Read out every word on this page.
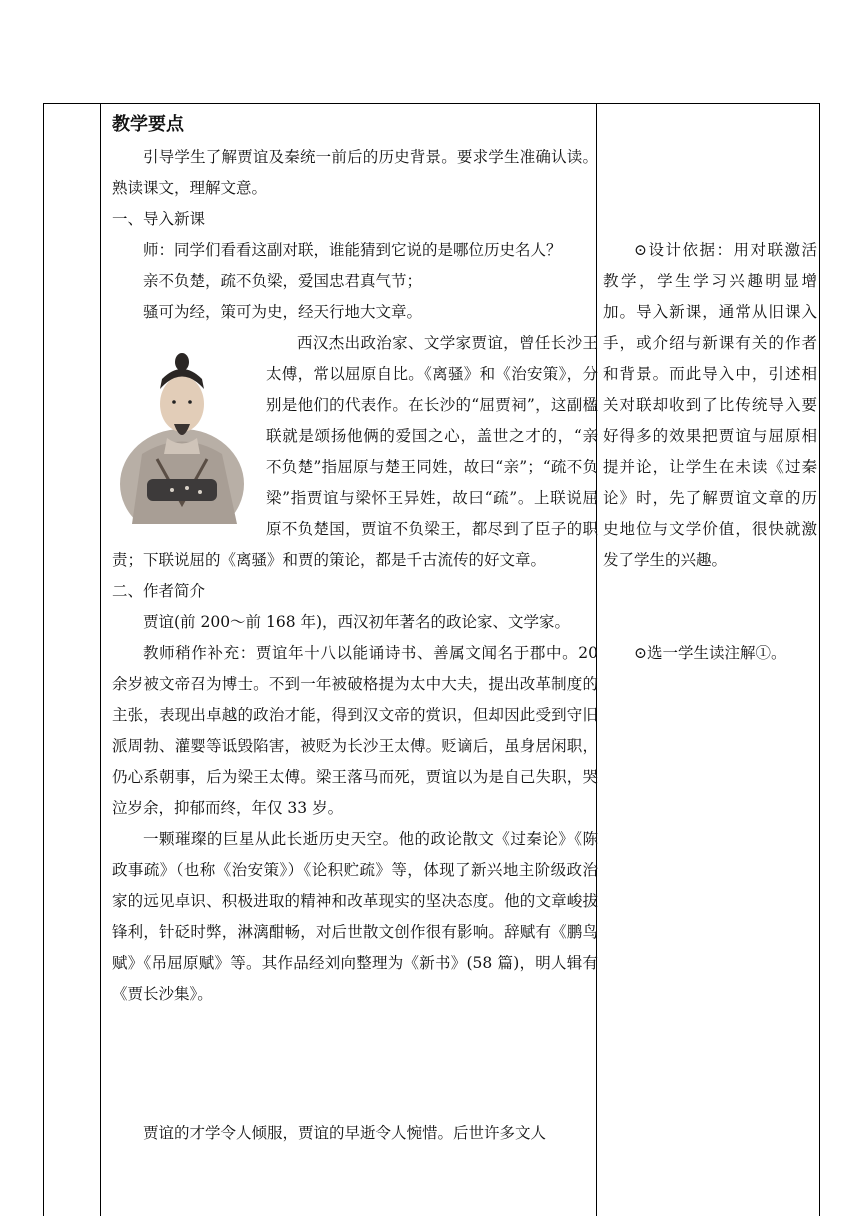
教学要点

引导学生了解贾谊及秦统一前后的历史背景。要求学生准确认读。熟读课文，理解文意。

一、导入新课

师：同学们看看这副对联，谁能猜到它说的是哪位历史名人？

亲不负楚，疏不负梁，爱国忠君真气节；

骚可为经，策可为史，经天行地大文章。

西汉杰出政治家、文学家贾谊，曾任长沙王太傅，常以屈原自比。《离骚》和《治安策》，分别是他们的代表作。在长沙的“屈贾祠”，这副楹联就是颂扬他俩的爱国之心，盖世之才的，“亲不负楚”指屈原与楚王同姓，故曰“亲”；“疏不负梁”指贾谊与梁怀王异姓，故曰“疏”。上联说屈原不负楚国，贾谊不负梁王，都尽到了臣子的职责；下联说屈的《离骚》和贾的策论，都是千古流传的好文章。

二、作者简介

贾谊(前 200～前 168 年)，西汉初年著名的政论家、文学家。

教师稍作补充：贾谊年十八以能诵诗书、善属文闻名于郡中。20 余岁被文帝召为博士。不到一年被破格提为太中大夫，提出改革制度的主张，表现出卓越的政治才能，得到汉文帝的赏识，但却因此受到守旧派周勃、灌婴等诋毁陷害，被贬为长沙王太傅。贬谪后，虽身居闲职，仍心系朝事，后为梁王太傅。梁王落马而死，贾谊以为是自己失职，哭泣岁余，抑郁而终，年仅 33 岁。

一颗璀璨的巨星从此长逝历史天空。他的政论散文《过秦论》《陈政事疏》（也称《治安策》）《论积贮疏》等，体现了新兴地主阶级政治家的远见卓识、积极进取的精神和改革现实的坚决态度。他的文章峻拔锋利，针砭时弊，淋漓酣畅，对后世散文创作很有影响。辞赋有《鹏鸟赋》《吊屈原赋》等。其作品经刘向整理为《新书》(58 篇)，明人辑有《贾长沙集》。

贾谊的才学令人倾服，贾谊的早逝令人惋惜。后世许多文人

⊙设计依据：用对联激活教学，学生学习兴趣明显增加。导入新课，通常从旧课入手，或介绍与新课有关的作者和背景。而此导入中，引述相关对联却收到了比传统导入要好得多的效果把贾谊与屈原相提并论，让学生在未读《过秦论》时，先了解贾谊文章的历史地位与文学价值，很快就激发了学生的兴趣。

⊙选一学生读注解①。
